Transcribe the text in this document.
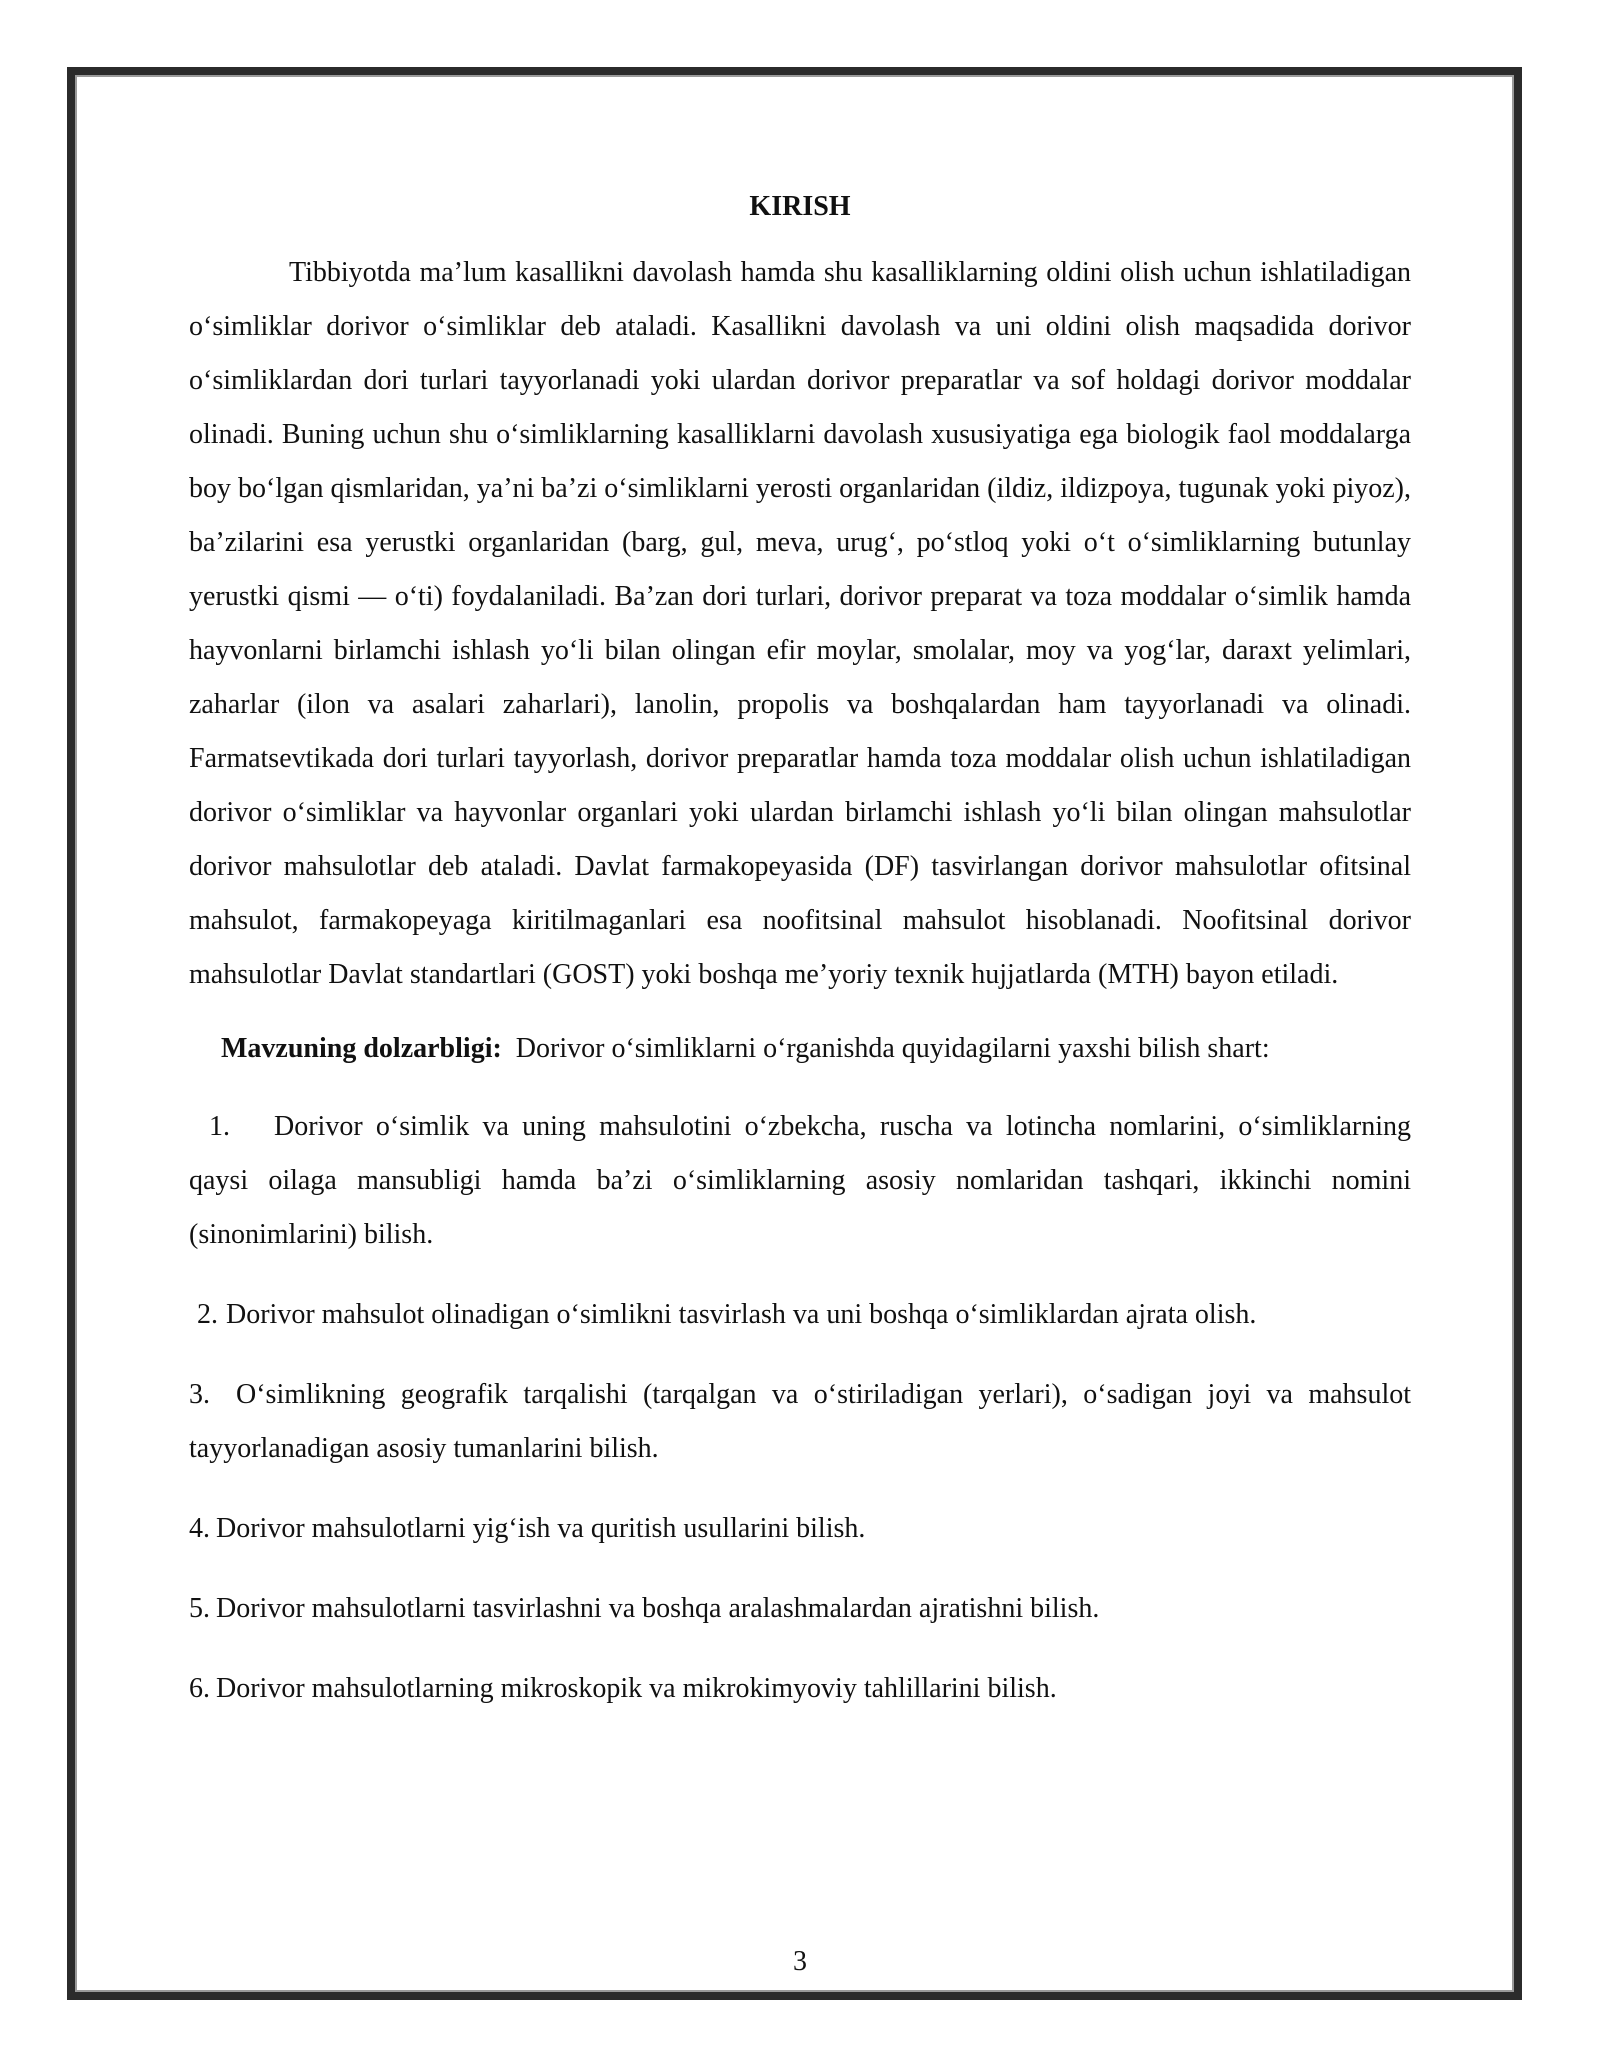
KIRISH

Tibbiyotda ma’lum kasallikni davolash hamda shu kasalliklarning oldini olish uchun ishlatiladigan o‘simliklar dorivor o‘simliklar deb ataladi. Kasallikni davolash va uni oldini olish maqsadida dorivor o‘simliklardan dori turlari tayyorlanadi yoki ulardan dorivor preparatlar va sof holdagi dorivor moddalar olinadi. Buning uchun shu o‘simliklarning kasalliklarni davolash xususiyatiga ega biologik faol moddalarga boy bo‘lgan qismlaridan, ya’ni ba’zi o‘simliklarni yerosti organlaridan (ildiz, ildizpoya, tugunak yoki piyoz), ba’zilarini esa yerustki organlaridan (barg, gul, meva, urug‘, po‘stloq yoki o‘t o‘simliklarning butunlay yerustki qismi — o‘ti) foydalaniladi. Ba’zan dori turlari, dorivor preparat va toza moddalar o‘simlik hamda hayvonlarni birlamchi ishlash yo‘li bilan olingan efir moylar, smolalar, moy va yog‘lar, daraxt yelimlari, zaharlar (ilon va asalari zaharlari), lanolin, propolis va boshqalardan ham tayyorlanadi va olinadi. Farmatsevtikada dori turlari tayyorlash, dorivor preparatlar hamda toza moddalar olish uchun ishlatiladigan dorivor o‘simliklar va hayvonlar organlari yoki ulardan birlamchi ishlash yo‘li bilan olingan mahsulotlar dorivor mahsulotlar deb ataladi. Davlat farmakopeyasida (DF) tasvirlangan dorivor mahsulotlar ofitsinal mahsulot, farmakopeyaga kiritilmaganlari esa noofitsinal mahsulot hisoblanadi. Noofitsinal dorivor mahsulotlar Davlat standartlari (GOST) yoki boshqa me’yoriy texnik hujjatlarda (MTH) bayon etiladi.

Mavzuning dolzarbligi: Dorivor o‘simliklarni o‘rganishda quyidagilarni yaxshi bilish shart:

1. Dorivor o‘simlik va uning mahsulotini o‘zbekcha, ruscha va lotincha nomlarini, o‘simliklarning qaysi oilaga mansubligi hamda ba’zi o‘simliklarning asosiy nomlaridan tashqari, ikkinchi nomini (sinonimlarini) bilish.

2. Dorivor mahsulot olinadigan o‘simlikni tasvirlash va uni boshqa o‘simliklardan ajrata olish.

3. O‘simlikning geografik tarqalishi (tarqalgan va o‘stiriladigan yerlari), o‘sadigan joyi va mahsulot tayyorlanadigan asosiy tumanlarini bilish.

4. Dorivor mahsulotlarni yig‘ish va quritish usullarini bilish.

5. Dorivor mahsulotlarni tasvirlashni va boshqa aralashmalardan ajratishni bilish.

6. Dorivor mahsulotlarning mikroskopik va mikrokimyoviy tahlillarini bilish.

3
